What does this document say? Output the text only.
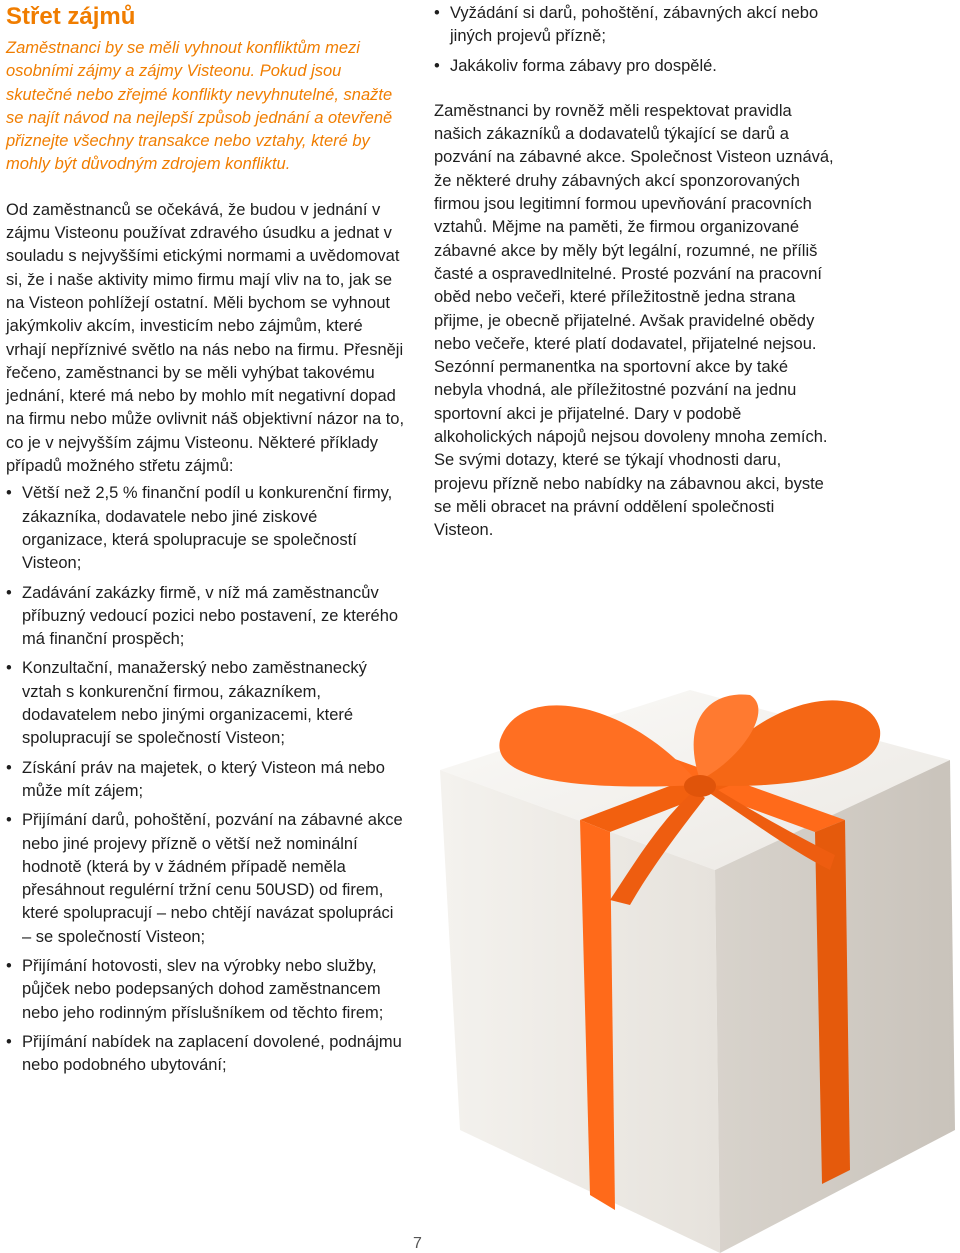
Střet zájmů

Zaměstnanci by se měli vyhnout konfliktům mezi osobními zájmy a zájmy Visteonu. Pokud jsou skutečné nebo zřejmé konflikty nevyhnutelné, snažte se najít návod na nejlepší způsob jednání a otevřeně přiznejte všechny transakce nebo vztahy, které by mohly být důvodným zdrojem konfliktu.

Od zaměstnanců se očekává, že budou v jednání v zájmu Visteonu používat zdravého úsudku a jednat v souladu s nejvyššími etickými normami a uvědomovat si, že i naše aktivity mimo firmu mají vliv na to, jak se na Visteon pohlížejí ostatní. Měli bychom se vyhnout jakýmkoliv akcím, investicím nebo zájmům, které vrhají nepříznivé světlo na nás nebo na firmu. Přesněji řečeno, zaměstnanci by se měli vyhýbat takovému jednání, které má nebo by mohlo mít negativní dopad na firmu nebo může ovlivnit náš objektivní názor na to, co je v nejvyšším zájmu Visteonu. Některé příklady případů možného střetu zájmů:

• Větší než 2,5 % finanční podíl u konkurenční firmy, zákazníka, dodavatele nebo jiné ziskové organizace, která spolupracuje se společností Visteon;
• Zadávání zakázky firmě, v níž má zaměstnancův příbuzný vedoucí pozici nebo postavení, ze kterého má finanční prospěch;
• Konzultační, manažerský nebo zaměstnanecký vztah s konkurenční firmou, zákazníkem, dodavatelem nebo jinými organizacemi, které spolupracují se společností Visteon;
• Získání práv na majetek, o který Visteon má nebo může mít zájem;
• Přijímání darů, pohoštění, pozvání na zábavné akce nebo jiné projevy přízně o větší než nominální hodnotě (která by v žádném případě neměla přesáhnout regulérní tržní cenu 50USD) od firem, které spolupracují – nebo chtějí navázat spolupráci – se společností Visteon;
• Přijímání hotovosti, slev na výrobky nebo služby, půjček nebo podepsaných dohod zaměstnancem nebo jeho rodinným příslušníkem od těchto firem;
• Přijímání nabídek na zaplacení dovolené, podnájmu nebo podobného ubytování;
• Vyžádání si darů, pohoštění, zábavných akcí nebo jiných projevů přízně;
• Jakákoliv forma zábavy pro dospělé.

Zaměstnanci by rovněž měli respektovat pravidla našich zákazníků a dodavatelů týkající se darů a pozvání na zábavné akce. Společnost Visteon uznává, že některé druhy zábavných akcí sponzorovaných firmou jsou legitimní formou upevňování pracovních vztahů. Mějme na paměti, že firmou organizované zábavné akce by měly být legální, rozumné, ne příliš časté a ospravedlnitelné. Prosté pozvání na pracovní oběd nebo večeři, které příležitostně jedna strana přijme, je obecně přijatelné. Avšak pravidelné obědy nebo večeře, které platí dodavatel, přijatelné nejsou. Sezónní permanentka na sportovní akce by také nebyla vhodná, ale příležitostné pozvání na jednu sportovní akci je přijatelné. Dary v podobě alkoholických nápojů nejsou dovoleny mnoha zemích. Se svými dotazy, které se týkají vhodnosti daru, projevu přízně nebo nabídky na zábavnou akci, byste se měli obracet na právní oddělení společnosti Visteon.

7
